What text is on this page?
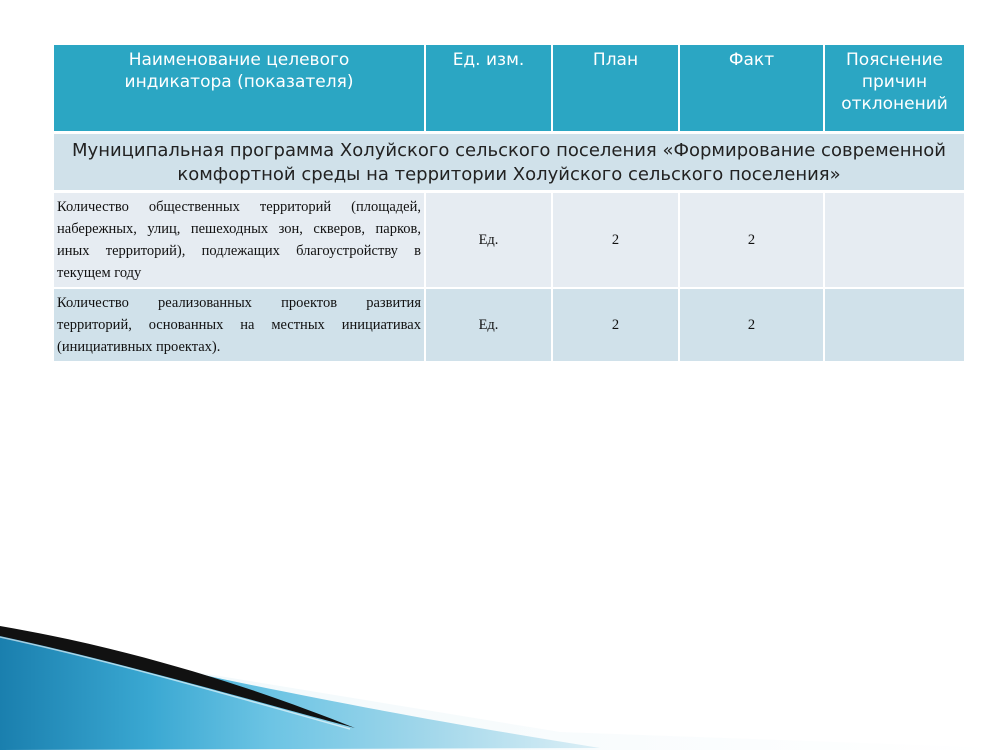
Наименование целевого индикатора (показателя)	Ед. изм.	План	Факт	Пояснение причин отклонений
Муниципальная программа Холуйского сельского поселения «Формирование современной комфортной среды на территории Холуйского сельского поселения»				
Количество общественных территорий (площадей, набережных, улиц, пешеходных зон, скверов, парков, иных территорий), подлежащих благоустройству в текущем году	Ед.	2	2	
Количество реализованных проектов развития территорий, основанных на местных инициативах (инициативных проектах).	Ед.	2	2	
